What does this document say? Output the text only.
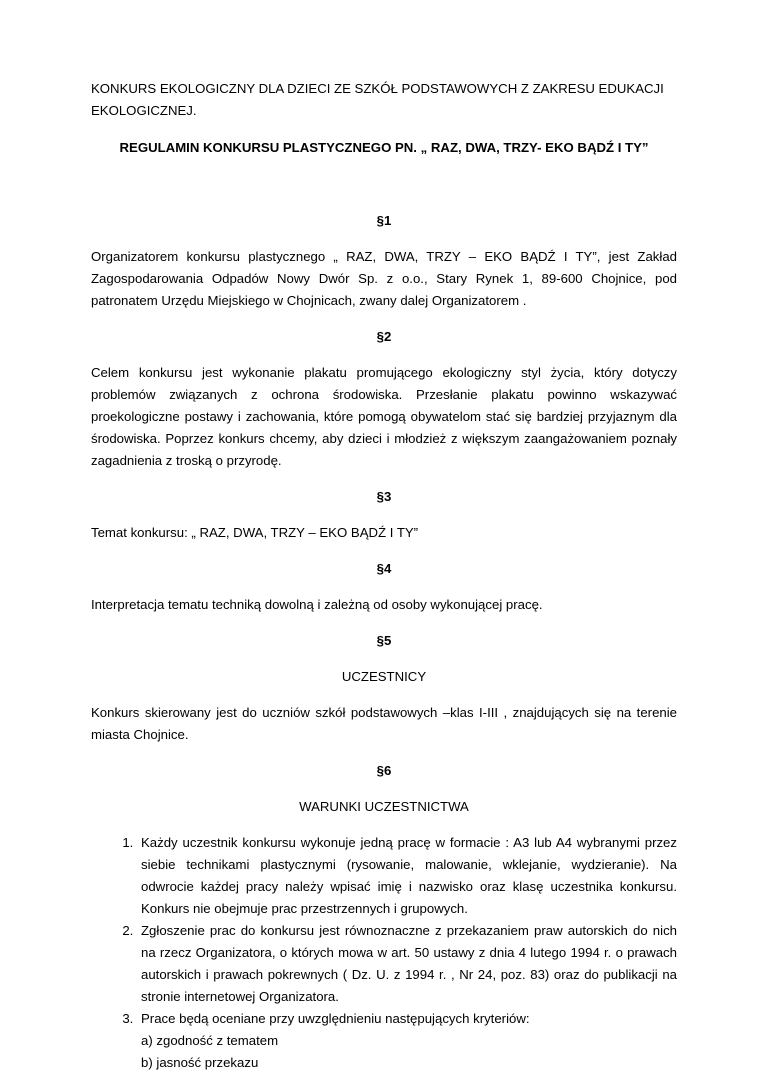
KONKURS EKOLOGICZNY DLA DZIECI ZE SZKÓŁ PODSTAWOWYCH Z ZAKRESU EDUKACJI EKOLOGICZNEJ.

REGULAMIN KONKURSU PLASTYCZNEGO PN. „ RAZ, DWA, TRZY- EKO BĄDŹ I TY”

§1

Organizatorem konkursu plastycznego „ RAZ, DWA, TRZY – EKO BĄDŹ I TY”, jest Zakład Zagospodarowania Odpadów Nowy Dwór Sp. z o.o., Stary Rynek 1, 89-600 Chojnice, pod patronatem Urzędu Miejskiego w Chojnicach, zwany dalej Organizatorem .

§2

Celem konkursu jest wykonanie plakatu promującego ekologiczny styl życia, który dotyczy problemów związanych z ochrona środowiska. Przesłanie plakatu powinno wskazywać proekologiczne postawy i zachowania, które pomogą obywatelom stać się bardziej przyjaznym dla środowiska. Poprzez konkurs chcemy, aby dzieci i młodzież z większym zaangażowaniem poznały zagadnienia z troską o przyrodę.

§3

Temat konkursu: „ RAZ, DWA, TRZY – EKO BĄDŹ I TY”

§4

Interpretacja tematu techniką dowolną i zależną od osoby wykonującej pracę.

§5

UCZESTNICY

Konkurs skierowany jest do uczniów szkół podstawowych –klas I-III , znajdujących się na terenie miasta Chojnice.

§6

WARUNKI UCZESTNICTWA

1. Każdy uczestnik konkursu wykonuje jedną pracę w formacie : A3 lub A4 wybranymi przez siebie technikami plastycznymi (rysowanie, malowanie, wklejanie, wydzieranie). Na odwrocie każdej pracy należy wpisać imię i nazwisko oraz klasę uczestnika konkursu. Konkurs nie obejmuje prac przestrzennych i grupowych.
2. Zgłoszenie prac do konkursu jest równoznaczne z przekazaniem praw autorskich do nich na rzecz Organizatora, o których mowa w art. 50 ustawy z dnia 4 lutego 1994 r. o prawach autorskich i prawach pokrewnych ( Dz. U. z 1994 r. , Nr 24, poz. 83) oraz do publikacji na stronie internetowej Organizatora.
3. Prace będą oceniane przy uwzględnieniu następujących kryteriów:
a) zgodność z tematem
b) jasność przekazu
